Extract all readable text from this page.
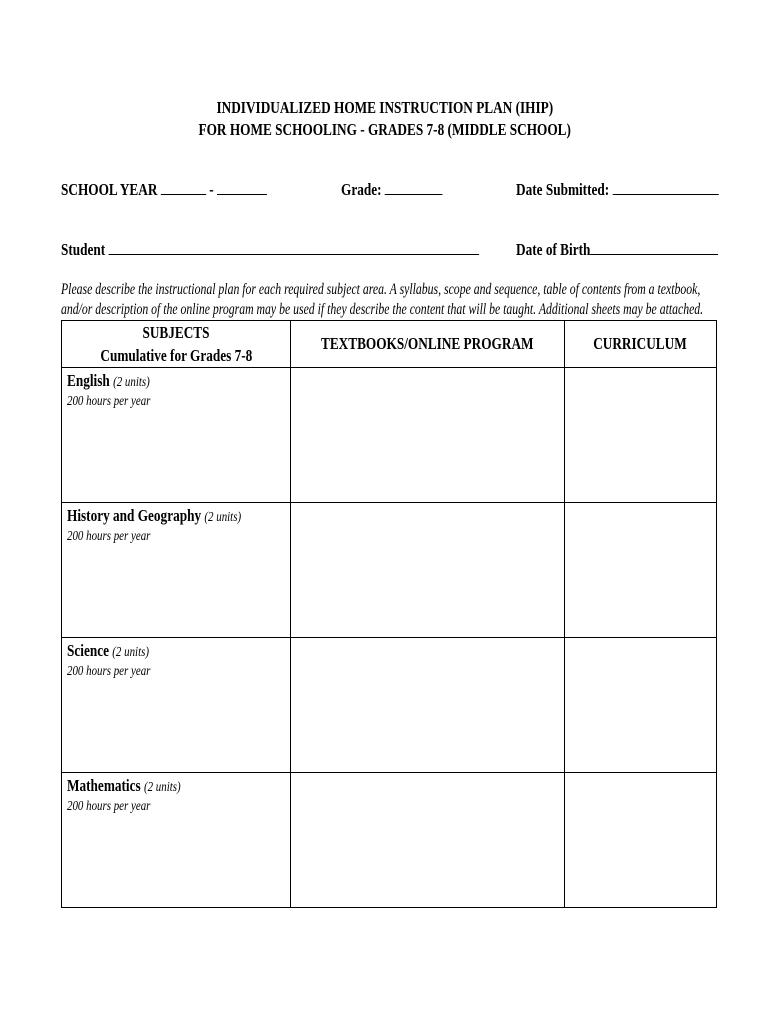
INDIVIDUALIZED HOME INSTRUCTION PLAN (IHIP)
FOR HOME SCHOOLING - GRADES 7-8 (MIDDLE SCHOOL)
SCHOOL YEAR	-	Grade:	Date Submitted:
Student	Date of Birth
Please describe the instructional plan for each required subject area. A syllabus, scope and sequence, table of contents from a textbook,
and/or description of the online program may be used if they describe the content that will be taught. Additional sheets may be attached.
SUBJECTS
Cumulative for Grades 7-8	TEXTBOOKS/ONLINE PROGRAM	CURRICULUM

English (2 units)
200 hours per year		

History and Geography (2 units)
200 hours per year		

Science (2 units)
200 hours per year		

Mathematics (2 units)
200 hours per year		
